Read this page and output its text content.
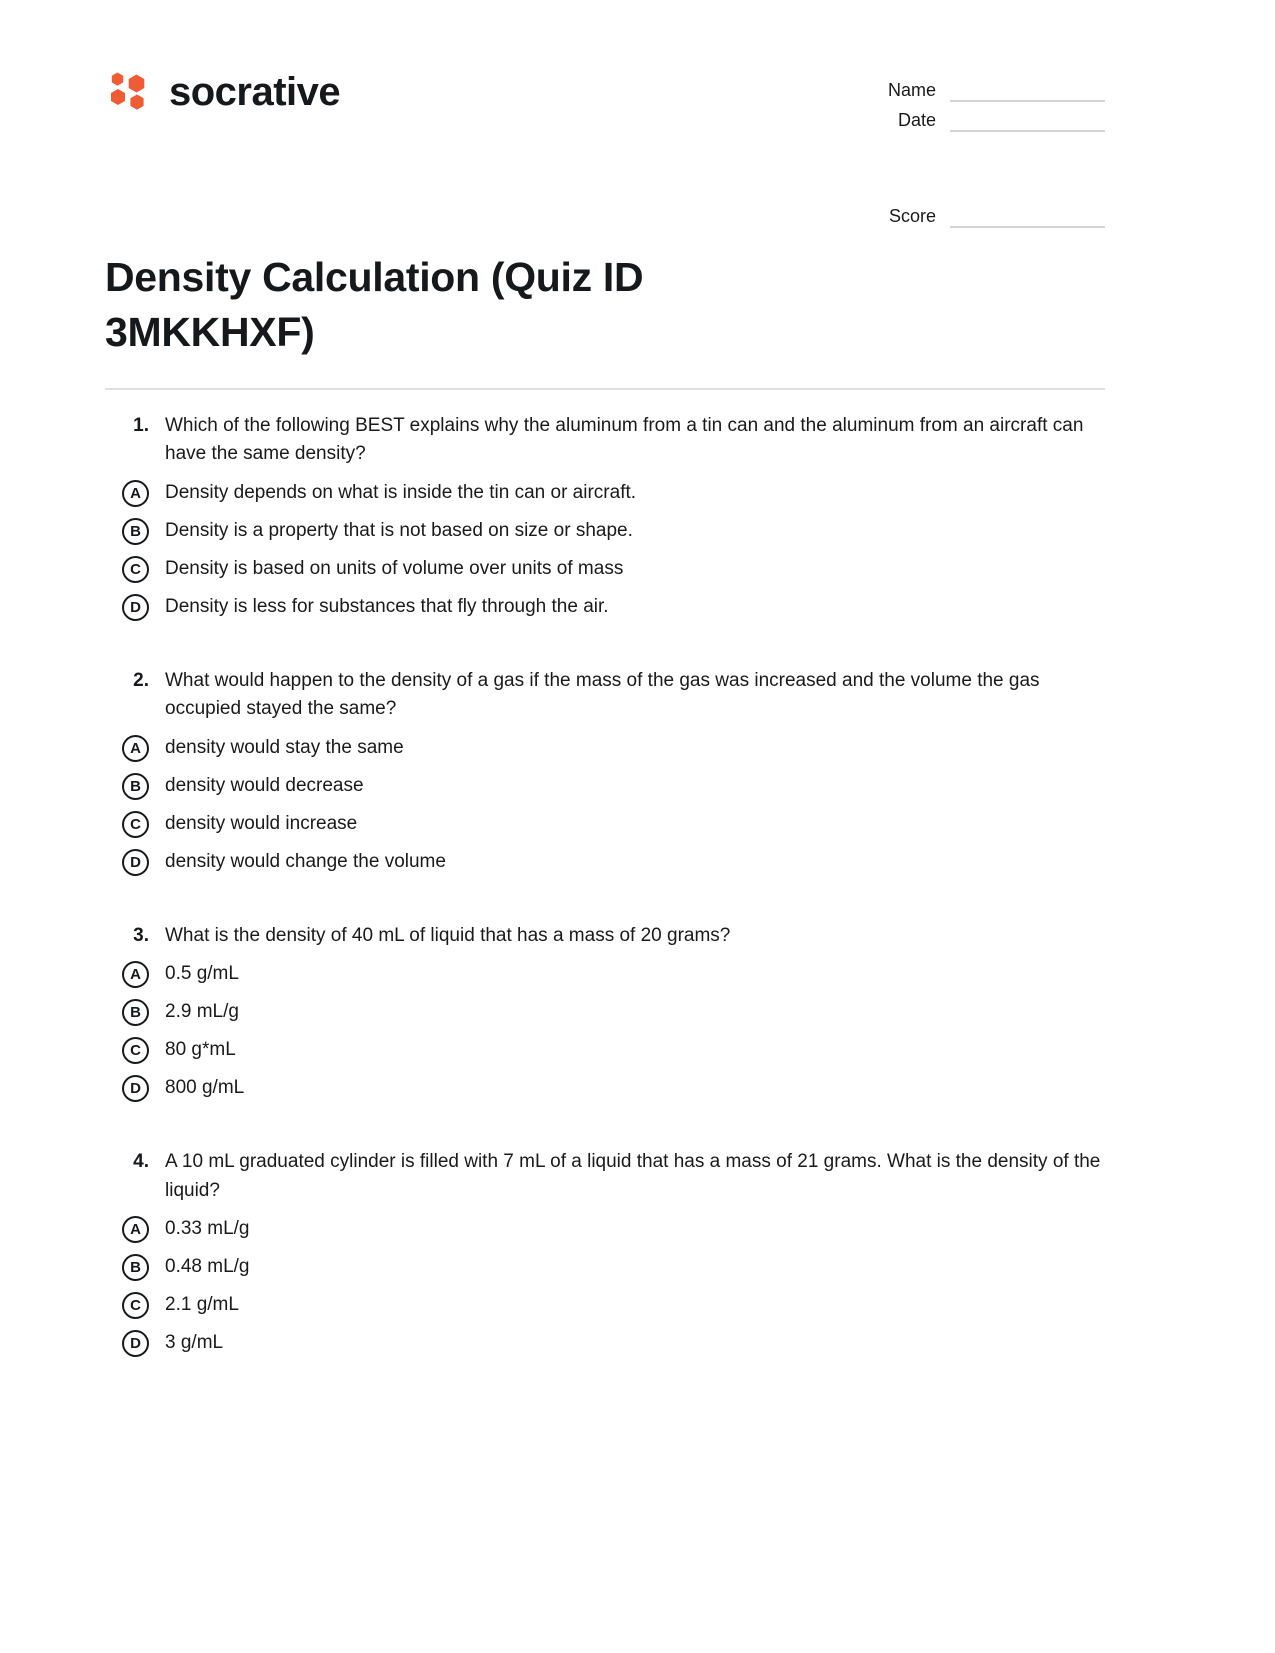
socrative	Name
Date
Score
Density Calculation (Quiz ID 3MKKHXF)
1. Which of the following BEST explains why the aluminum from a tin can and the aluminum from an aircraft can have the same density?
A	Density depends on what is inside the tin can or aircraft.
B	Density is a property that is not based on size or shape.
C	Density is based on units of volume over units of mass
D	Density is less for substances that fly through the air.
2. What would happen to the density of a gas if the mass of the gas was increased and the volume the gas occupied stayed the same?
A	density would stay the same
B	density would decrease
C	density would increase
D	density would change the volume
3. What is the density of 40 mL of liquid that has a mass of 20 grams?
A	0.5 g/mL
B	2.9 mL/g
C	80 g*mL
D	800 g/mL
4. A 10 mL graduated cylinder is filled with 7 mL of a liquid that has a mass of 21 grams. What is the density of the liquid?
A	0.33 mL/g
B	0.48 mL/g
C	2.1 g/mL
D	3 g/mL
